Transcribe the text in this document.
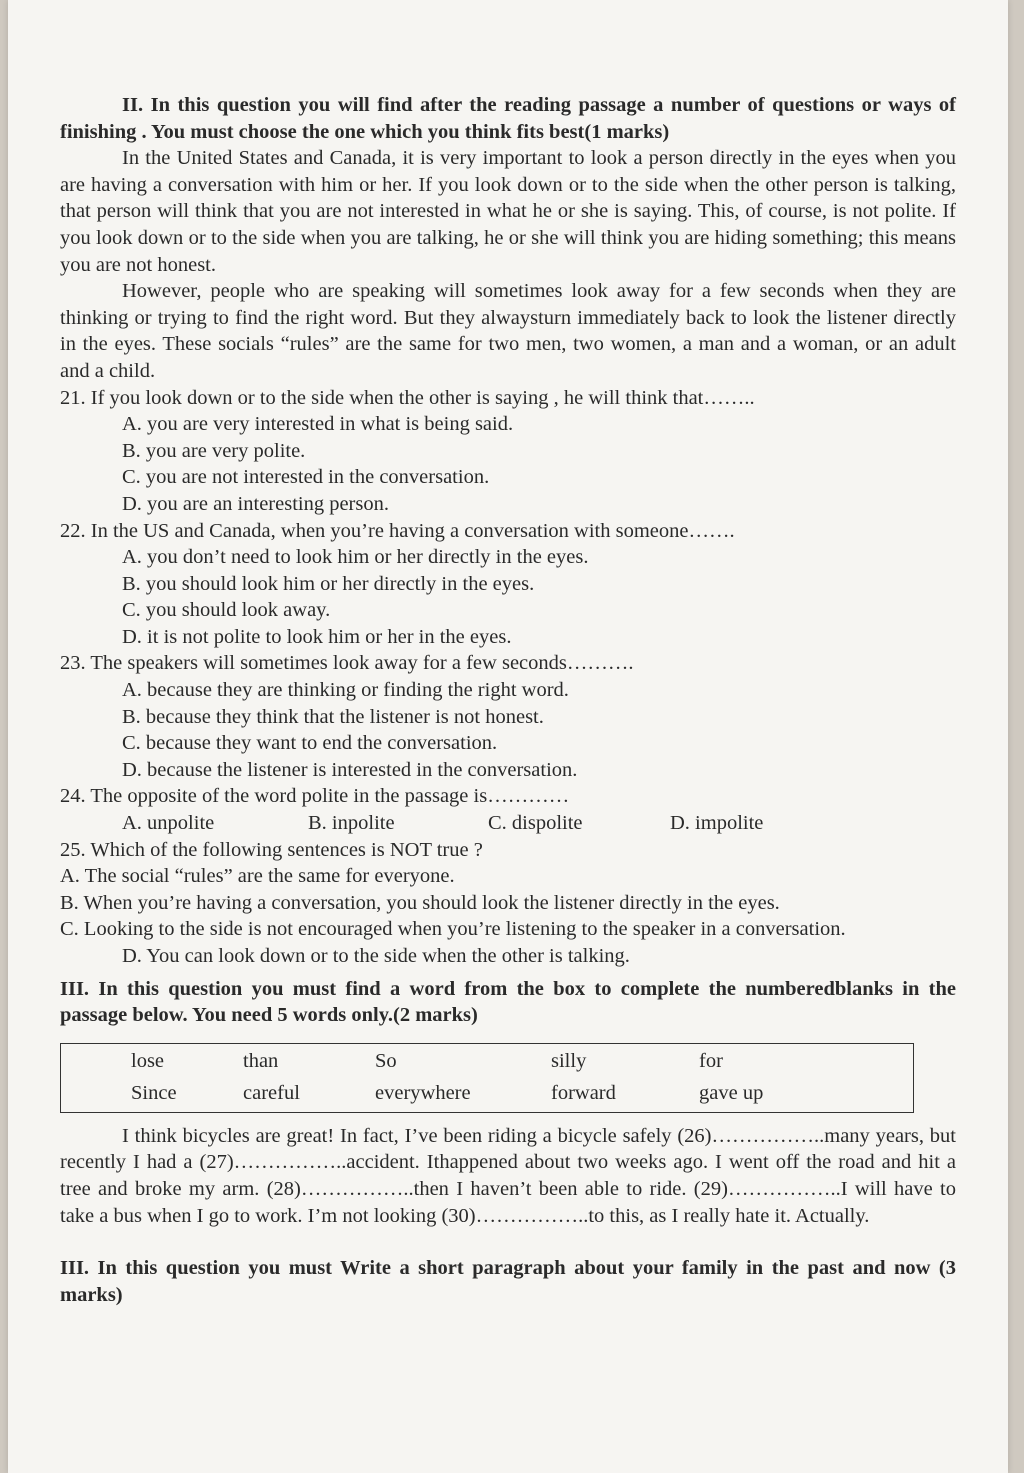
II. In this question you will find after the reading passage a number of questions or ways of finishing . You must choose the one which you think fits best(1 marks)

In the United States and Canada, it is very important to look a person directly in the eyes when you are having a conversation with him or her. If you look down or to the side when the other person is talking, that person will think that you are not interested in what he or she is saying. This, of course, is not polite. If you look down or to the side when you are talking, he or she will think you are hiding something; this means you are not honest.

However, people who are speaking will sometimes look away for a few seconds when they are thinking or trying to find the right word. But they alwaysturn immediately back to look the listener directly in the eyes. These socials “rules” are the same for two men, two women, a man and a woman, or an adult and a child.

21. If you look down or to the side when the other is saying , he will think that……..

A. you are very interested in what is being said.

B. you are very polite.

C. you are not interested in the conversation.

D. you are an interesting person.

22. In the US and Canada, when you’re having a conversation with someone…….

A. you don’t need to look him or her directly in the eyes.

B. you should look him or her directly in the eyes.

C. you should look away.

D. it is not polite to look him or her in the eyes.

23. The speakers will sometimes look away for a few seconds……….

A. because they are thinking or finding the right word.

B. because they think that the listener is not honest.

C. because they want to end the conversation.

D. because the listener is interested in the conversation.

24. The opposite of the word polite in the passage is…………

A. unpolite	B. inpolite	C. dispolite	D. impolite

25. Which of the following sentences is NOT true ?

A. The social “rules” are the same for everyone.

B. When you’re having a conversation, you should look the listener directly in the eyes.

C. Looking to the side is not encouraged when you’re listening to the speaker in a conversation.

D. You can look down or to the side when the other is talking.

III. In this question you must find a word from the box to complete the numberedblanks in the passage below. You need 5 words only.(2 marks)

lose	than	So	silly	for
Since	careful	everywhere	forward	gave up

I think bicycles are great! In fact, I’ve been riding a bicycle safely (26)……………..many years, but recently I had a (27)……………..accident. Ithappened about two weeks ago. I went off the road and hit a tree and broke my arm. (28)……………..then I haven’t been able to ride. (29)……………..I will have to take a bus when I go to work. I’m not looking (30)……………..to this, as I really hate it. Actually.

III. In this question you must Write a short paragraph about your family in the past and now (3 marks)
